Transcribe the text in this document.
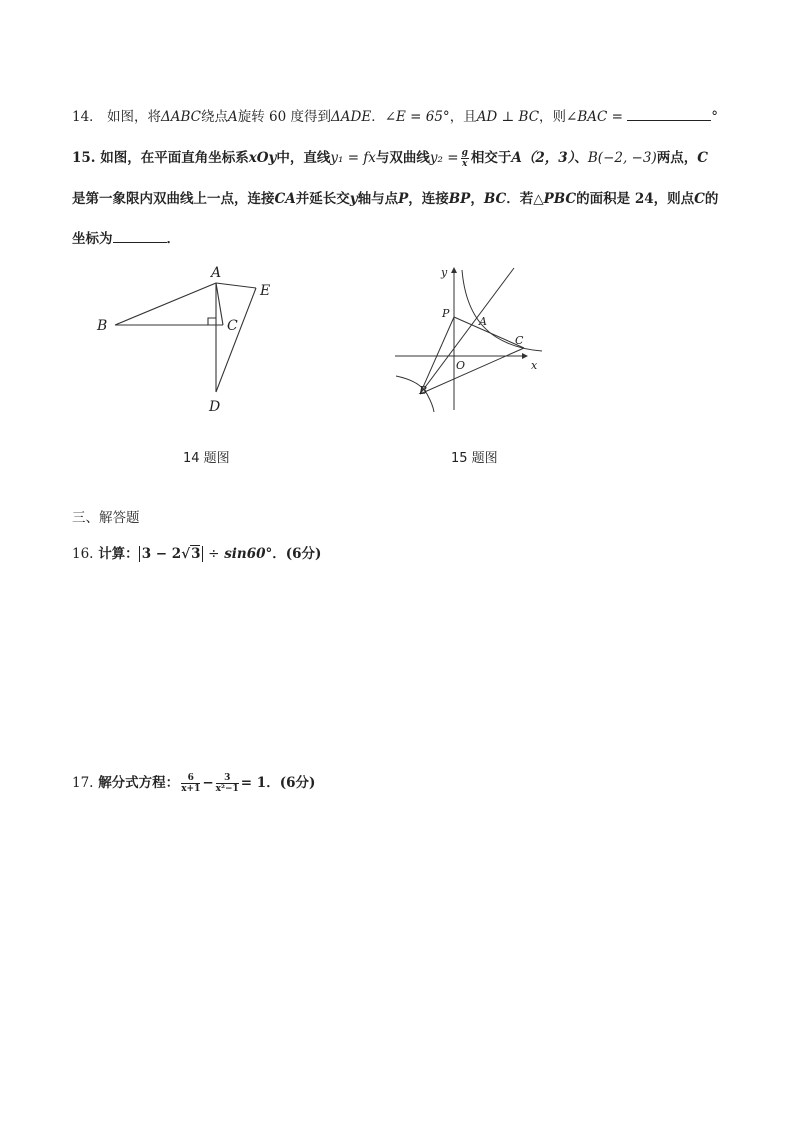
14． 如图，将ΔABC绕点A旋转 60 度得到ΔADE．∠E = 65°，且AD ⊥ BC，则∠BAC =	°
15. 如图，在平面直角坐标系xOy中，直线y₁ = fx与双曲线$y_2 = \frac{g}{x}$ 相交于A（2，3）、B(−2, −3)两点，C
是第一象限内双曲线上一点，连接CA并延长交y轴与点P，连接BP，BC．若△PBC的面积是 24，则点C的
坐标为	．
A
B	C
D
E
y
x
P
A
O
C
B
14 题图	15 题图
三、解答题
16. 计算： 3 − 2√3 ÷ sin60°．(6分)
17. 解分式方程： $\frac{6}{x+1} - \frac{3}{\text{x²−1}} = 1$．(6分)
